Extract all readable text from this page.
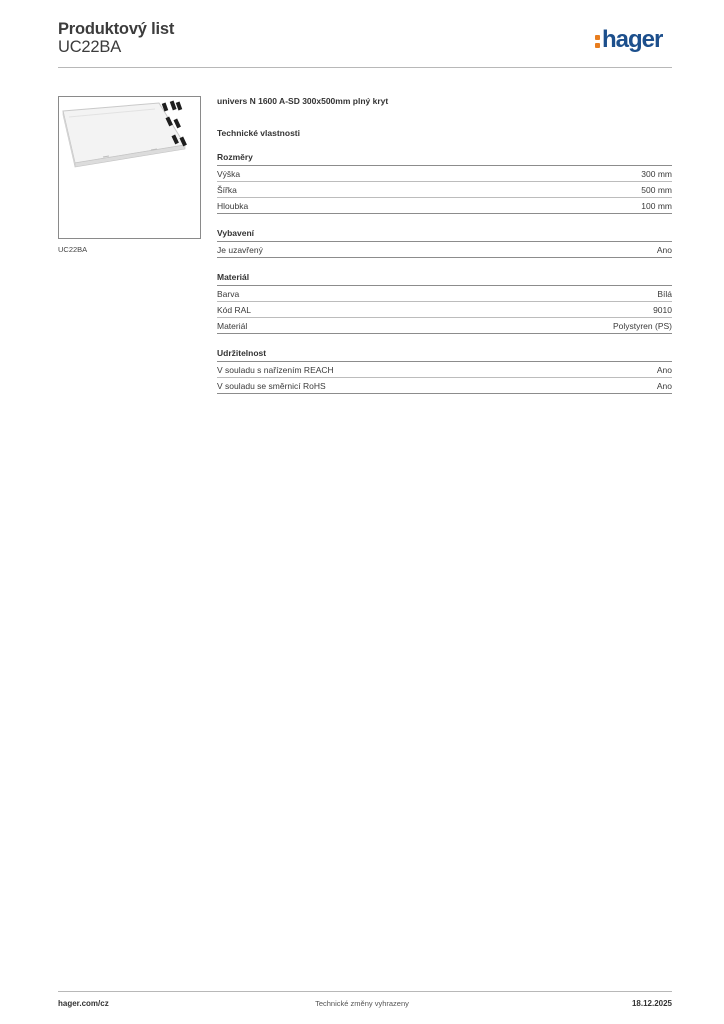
Produktový list
UC22BA	hager
UC22BA
univers N 1600 A-SD 300x500mm plný kryt
Technické vlastnosti
Rozměry
Výška	300 mm
Šířka	500 mm
Hloubka	100 mm
Vybavení
Je uzavřený	Ano
Materiál
Barva	Bílá
Kód RAL	9010
Materiál	Polystyren (PS)
Udržitelnost
V souladu s nařízením REACH	Ano
V souladu se směrnicí RoHS	Ano
hager.com/cz	Technické změny vyhrazeny	18.12.2025
